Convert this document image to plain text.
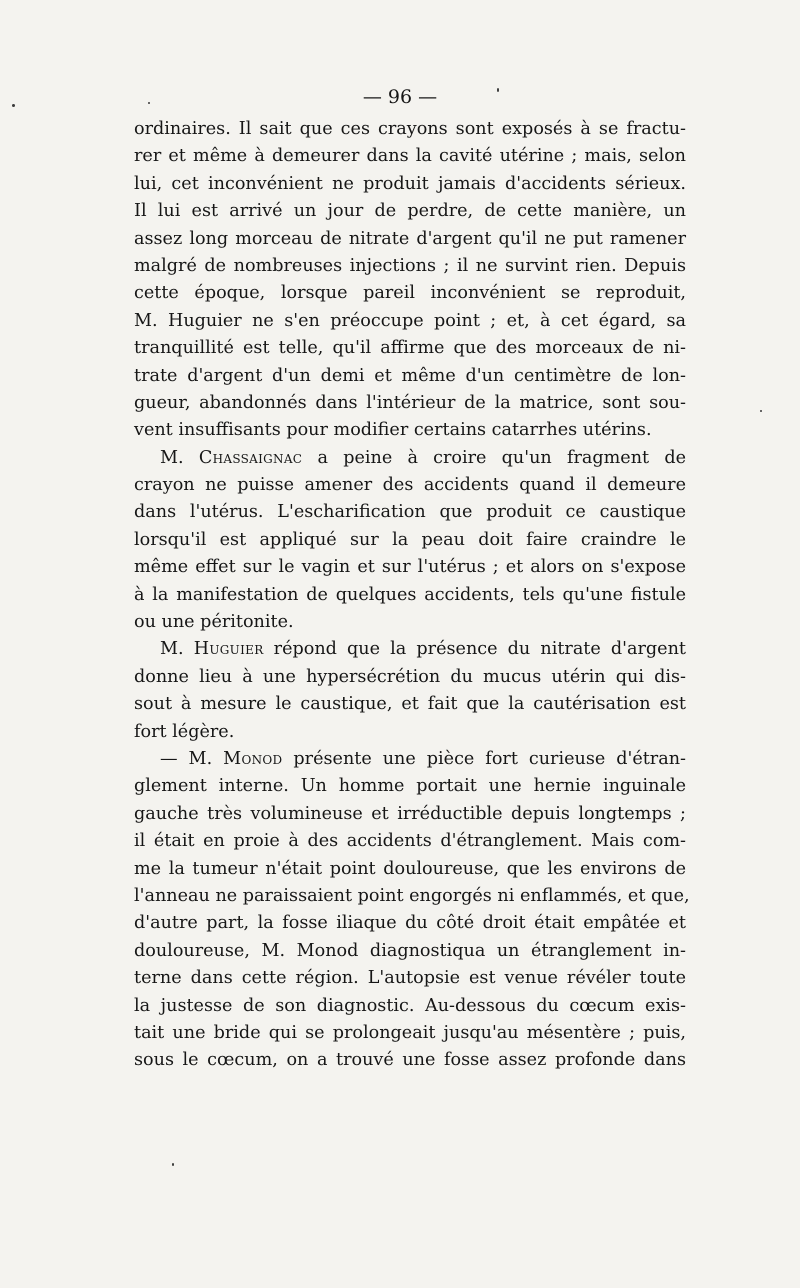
— 96 —
ordinaires. Il sait que ces crayons sont exposés à se fractu-
rer et même à demeurer dans la cavité utérine ; mais, selon
lui, cet inconvénient ne produit jamais d'accidents sérieux.
Il lui est arrivé un jour de perdre, de cette manière, un
assez long morceau de nitrate d'argent qu'il ne put ramener
malgré de nombreuses injections ; il ne survint rien. Depuis
cette époque, lorsque pareil inconvénient se reproduit,
M. Huguier ne s'en préoccupe point ; et, à cet égard, sa
tranquillité est telle, qu'il affirme que des morceaux de ni-
trate d'argent d'un demi et même d'un centimètre de lon-
gueur, abandonnés dans l'intérieur de la matrice, sont sou-
vent insuffisants pour modifier certains catarrhes utérins.
M. Chassaignac a peine à croire qu'un fragment de
crayon ne puisse amener des accidents quand il demeure
dans l'utérus. L'escharification que produit ce caustique
lorsqu'il est appliqué sur la peau doit faire craindre le
même effet sur le vagin et sur l'utérus ; et alors on s'expose
à la manifestation de quelques accidents, tels qu'une fistule
ou une péritonite.
M. Huguier répond que la présence du nitrate d'argent
donne lieu à une hypersécrétion du mucus utérin qui dis-
sout à mesure le caustique, et fait que la cautérisation est
fort légère.
— M. Monod présente une pièce fort curieuse d'étran-
glement interne. Un homme portait une hernie inguinale
gauche très volumineuse et irréductible depuis longtemps ;
il était en proie à des accidents d'étranglement. Mais com-
me la tumeur n'était point douloureuse, que les environs de
l'anneau ne paraissaient point engorgés ni enflammés, et que,
d'autre part, la fosse iliaque du côté droit était empâtée et
douloureuse, M. Monod diagnostiqua un étranglement in-
terne dans cette région. L'autopsie est venue révéler toute
la justesse de son diagnostic. Au-dessous du cœcum exis-
tait une bride qui se prolongeait jusqu'au mésentère ; puis,
sous le cœcum, on a trouvé une fosse assez profonde dans
